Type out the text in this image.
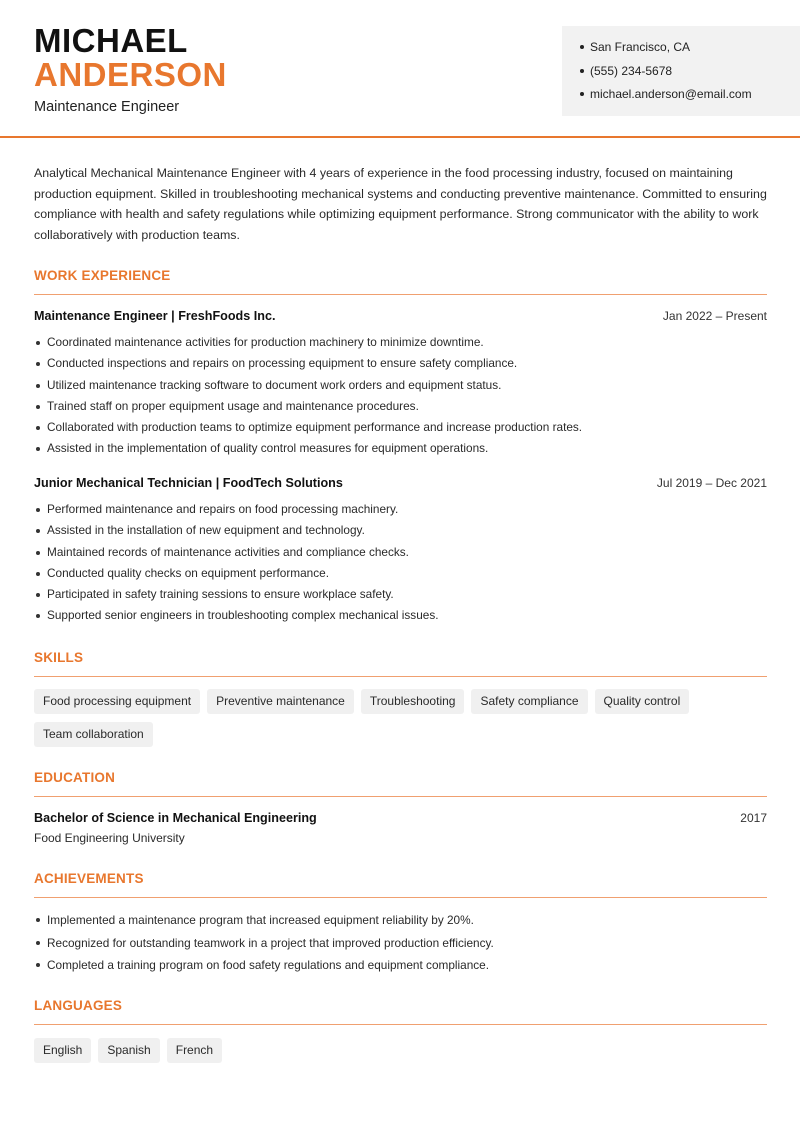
MICHAEL
ANDERSON
Maintenance Engineer
San Francisco, CA
(555) 234-5678
michael.anderson@email.com

Analytical Mechanical Maintenance Engineer with 4 years of experience in the food processing industry, focused on maintaining production equipment. Skilled in troubleshooting mechanical systems and conducting preventive maintenance. Committed to ensuring compliance with health and safety regulations while optimizing equipment performance. Strong communicator with the ability to work collaboratively with production teams.

WORK EXPERIENCE
Maintenance Engineer | FreshFoods Inc.	Jan 2022 – Present
Coordinated maintenance activities for production machinery to minimize downtime.
Conducted inspections and repairs on processing equipment to ensure safety compliance.
Utilized maintenance tracking software to document work orders and equipment status.
Trained staff on proper equipment usage and maintenance procedures.
Collaborated with production teams to optimize equipment performance and increase production rates.
Assisted in the implementation of quality control measures for equipment operations.
Junior Mechanical Technician | FoodTech Solutions	Jul 2019 – Dec 2021
Performed maintenance and repairs on food processing machinery.
Assisted in the installation of new equipment and technology.
Maintained records of maintenance activities and compliance checks.
Conducted quality checks on equipment performance.
Participated in safety training sessions to ensure workplace safety.
Supported senior engineers in troubleshooting complex mechanical issues.
SKILLS
Food processing equipment Preventive maintenance Troubleshooting Safety compliance Quality controlTeam collaboration
EDUCATION
Bachelor of Science in Mechanical Engineering	2017
Food Engineering University
ACHIEVEMENTS
Implemented a maintenance program that increased equipment reliability by 20%.
Recognized for outstanding teamwork in a project that improved production efficiency.
Completed a training program on food safety regulations and equipment compliance.
LANGUAGES
English Spanish French
